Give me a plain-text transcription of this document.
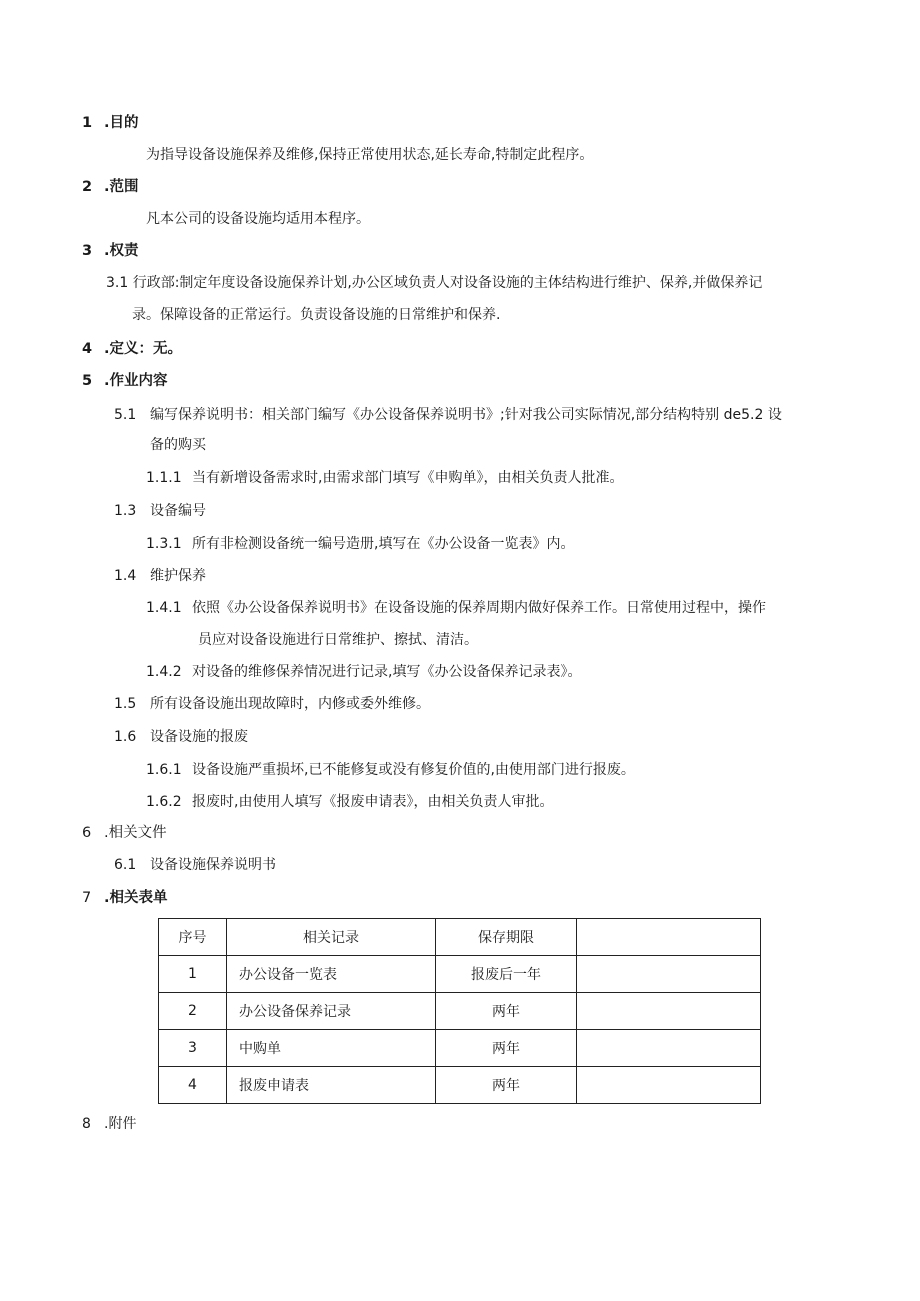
1 .目的
为指导设备设施保养及维修,保持正常使用状态,延长寿命,特制定此程序。
2 .范围
凡本公司的设备设施均适用本程序。
3 .权责
3.1 行政部:制定年度设备设施保养计划,办公区域负责人对设备设施的主体结构进行维护、保养,并做保养记
录。保障设备的正常运行。负责设备设施的日常维护和保养.
4 .定义：无。
5 .作业内容
5.1 编写保养说明书：相关部门编写《办公设备保养说明书》;针对我公司实际情况,部分结构特别 de5.2 设
备的购买
1.1.1 当有新增设备需求时,由需求部门填写《申购单》，由相关负责人批准。
1.3 设备编号
1.3.1 所有非检测设备统一编号造册,填写在《办公设备一览表》内。
1.4 维护保养
1.4.1 依照《办公设备保养说明书》在设备设施的保养周期内做好保养工作。日常使用过程中，操作
员应对设备设施进行日常维护、擦拭、清洁。
1.4.2 对设备的维修保养情况进行记录,填写《办公设备保养记录表》。
1.5 所有设备设施出现故障时，内修或委外维修。
1.6 设备设施的报废
1.6.1 设备设施严重损坏,已不能修复或没有修复价值的,由使用部门进行报废。
1.6.2 报废时,由使用人填写《报废申请表》，由相关负责人审批。
6 .相关文件
6.1 设备设施保养说明书
7 .相关表单
序号	相关记录	保存期限	
1	办公设备一览表	报废后一年	
2	办公设备保养记录	两年	
3	中购单	两年	
4	报废申请表	两年	
8 .附件
